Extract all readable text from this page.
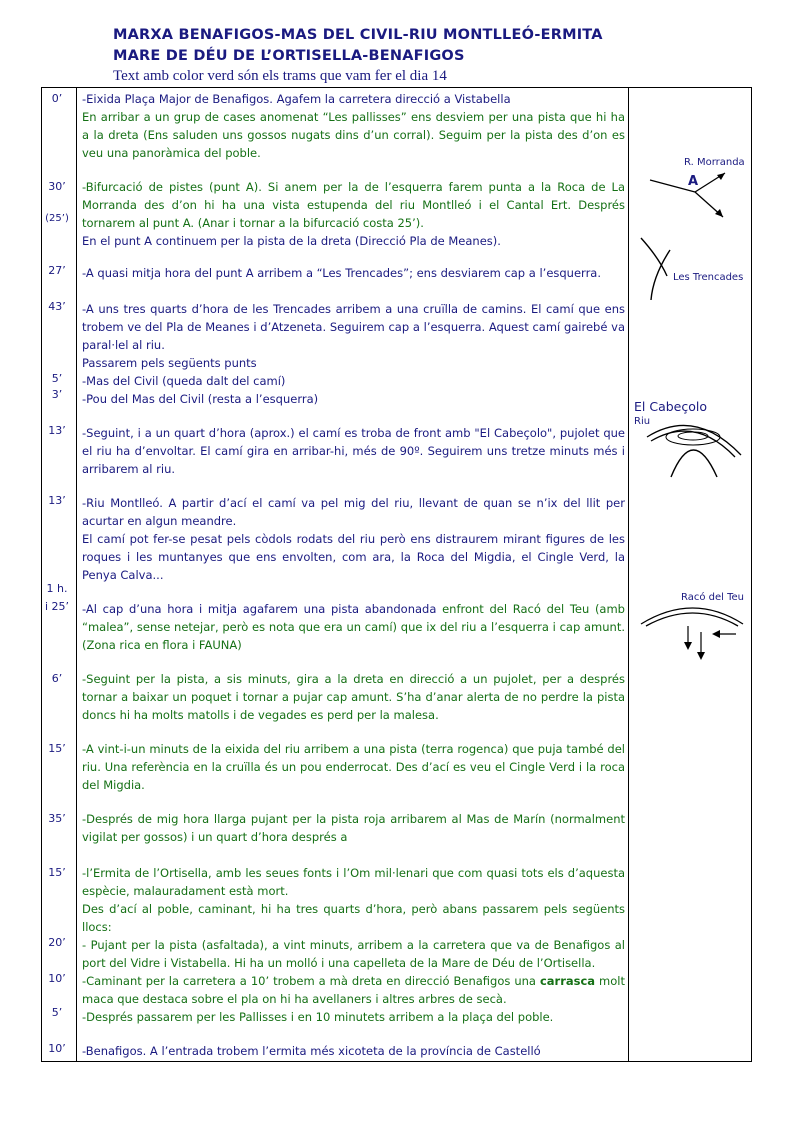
MARXA BENAFIGOS-MAS DEL CIVIL-RIU MONTLLEÓ-ERMITA
MARE DE DÉU DE L’ORTISELLA-BENAFIGOS
Text amb color verd són els trams que vam fer el dia 14
0’
30’
(25’)
27’
43’
5’
3’
13’
13’
1 h.
i 25’
6’
15’
35’
15’
20’
10’
5’
10’
-Eixida Plaça Major de Benafigos. Agafem la carretera direcció a Vistabella
En arribar a un grup de cases anomenat “Les pallisses” ens desviem per una pista que hi ha a la dreta (Ens saluden uns gossos nugats dins d’un corral). Seguim per la pista des d’on es veu una panoràmica del poble.
-Bifurcació de pistes (punt A). Si anem per la de l’esquerra farem punta a la Roca de La Morranda des d’on hi ha una vista estupenda del riu Montlleó i el Cantal Ert. Després tornarem al punt A. (Anar i tornar a la bifurcació costa 25’).
En el punt A continuem per la pista de la dreta (Direcció Pla de Meanes).
-A quasi mitja hora del punt A arribem a “Les Trencades”; ens desviarem cap a l’esquerra.
-A uns tres quarts d’hora de les Trencades arribem a una cruïlla de camins. El camí que ens trobem ve del Pla de Meanes i d’Atzeneta. Seguirem cap a l’esquerra. Aquest camí gairebé va paral·lel al riu.
Passarem pels següents punts
-Mas del Civil (queda dalt del camí)
-Pou del Mas del Civil (resta a l’esquerra)
-Seguint, i a un quart d’hora (aprox.) el camí es troba de front amb "El Cabeçolo", pujolet que el riu ha d’envoltar. El camí gira en arribar-hi, més de 90º. Seguirem uns tretze minuts més i arribarem al riu.
-Riu Montlleó. A partir d’ací el camí va pel mig del riu, llevant de quan se n’ix del llit per acurtar en algun meandre.
El camí pot fer-se pesat pels còdols rodats del riu però ens distraurem mirant figures de les roques i les muntanyes que ens envolten, com ara, la Roca del Migdia, el Cingle Verd, la Penya Calva...
-Al cap d’una hora i mitja agafarem una pista abandonada enfront del Racó del Teu (amb “malea”, sense netejar, però es nota que era un camí) que ix del riu a l’esquerra i cap amunt. (Zona rica en flora i FAUNA)
-Seguint per la pista, a sis minuts, gira a la dreta en direcció a un pujolet, per a després tornar a baixar un poquet i tornar a pujar cap amunt. S’ha d’anar alerta de no perdre la pista doncs hi ha molts matolls i de vegades es perd per la malesa.
-A vint-i-un minuts de la eixida del riu arribem a una pista (terra rogenca) que puja també del riu. Una referència en la cruïlla és un pou enderrocat. Des d’ací es veu el Cingle Verd i la roca del Migdia.
-Després de mig hora llarga pujant per la pista roja arribarem al Mas de Marín (normalment vigilat per gossos) i un quart d’hora després a
-l’Ermita de l’Ortisella, amb les seues fonts i l’Om mil·lenari que com quasi tots els d’aquesta espècie, malauradament està mort.
Des d’ací al poble, caminant, hi ha tres quarts d’hora, però abans passarem pels següents llocs:
- Pujant per la pista (asfaltada), a vint minuts, arribem a la carretera que va de Benafigos al port del Vidre i Vistabella. Hi ha un molló i una capelleta de la Mare de Déu de l’Ortisella.
-Caminant per la carretera a 10’ trobem a mà dreta en direcció Benafigos una carrasca molt maca que destaca sobre el pla on hi ha avellaners i altres arbres de secà.
-Després passarem per les Pallisses i en 10 minutets arribem a la plaça del poble.
-Benafigos. A l’entrada trobem l’ermita més xicoteta de la província de Castelló
R. Morranda
A
Les Trencades
El Cabeçolo
Riu
Racó del Teu
